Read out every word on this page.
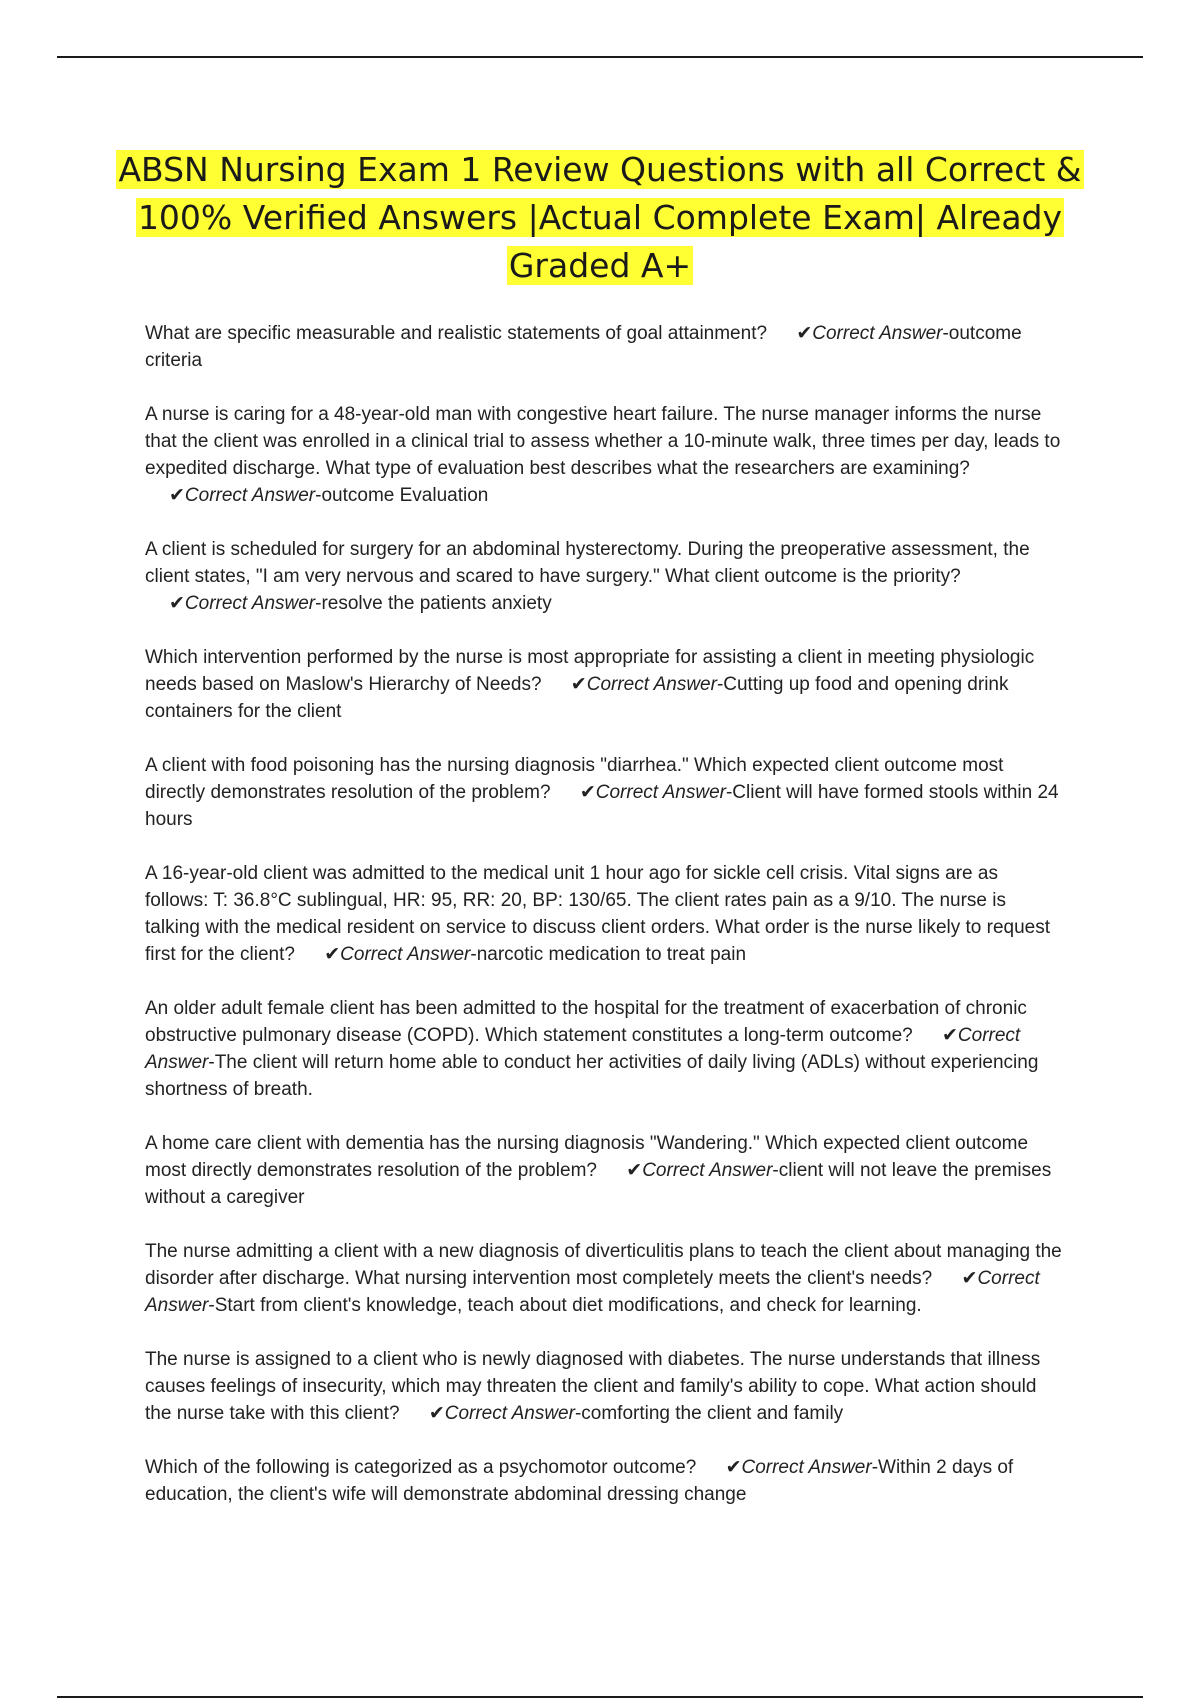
ABSN Nursing Exam 1 Review Questions with all Correct & 100% Verified Answers |Actual Complete Exam| Already Graded A+

What are specific measurable and realistic statements of goal attainment? ✔Correct Answer-outcome criteria

A nurse is caring for a 48-year-old man with congestive heart failure. The nurse manager informs the nurse that the client was enrolled in a clinical trial to assess whether a 10-minute walk, three times per day, leads to expedited discharge. What type of evaluation best describes what the researchers are examining? ✔Correct Answer-outcome Evaluation

A client is scheduled for surgery for an abdominal hysterectomy. During the preoperative assessment, the client states, "I am very nervous and scared to have surgery." What client outcome is the priority? ✔Correct Answer-resolve the patients anxiety

Which intervention performed by the nurse is most appropriate for assisting a client in meeting physiologic needs based on Maslow's Hierarchy of Needs? ✔Correct Answer-Cutting up food and opening drink containers for the client

A client with food poisoning has the nursing diagnosis "diarrhea." Which expected client outcome most directly demonstrates resolution of the problem? ✔Correct Answer-Client will have formed stools within 24 hours

A 16-year-old client was admitted to the medical unit 1 hour ago for sickle cell crisis. Vital signs are as follows: T: 36.8°C sublingual, HR: 95, RR: 20, BP: 130/65. The client rates pain as a 9/10. The nurse is talking with the medical resident on service to discuss client orders. What order is the nurse likely to request first for the client? ✔Correct Answer-narcotic medication to treat pain

An older adult female client has been admitted to the hospital for the treatment of exacerbation of chronic obstructive pulmonary disease (COPD). Which statement constitutes a long-term outcome? ✔Correct Answer-The client will return home able to conduct her activities of daily living (ADLs) without experiencing shortness of breath.

A home care client with dementia has the nursing diagnosis "Wandering." Which expected client outcome most directly demonstrates resolution of the problem? ✔Correct Answer-client will not leave the premises without a caregiver

The nurse admitting a client with a new diagnosis of diverticulitis plans to teach the client about managing the disorder after discharge. What nursing intervention most completely meets the client's needs? ✔Correct Answer-Start from client's knowledge, teach about diet modifications, and check for learning.

The nurse is assigned to a client who is newly diagnosed with diabetes. The nurse understands that illness causes feelings of insecurity, which may threaten the client and family's ability to cope. What action should the nurse take with this client? ✔Correct Answer-comforting the client and family

Which of the following is categorized as a psychomotor outcome? ✔Correct Answer-Within 2 days of education, the client's wife will demonstrate abdominal dressing change
